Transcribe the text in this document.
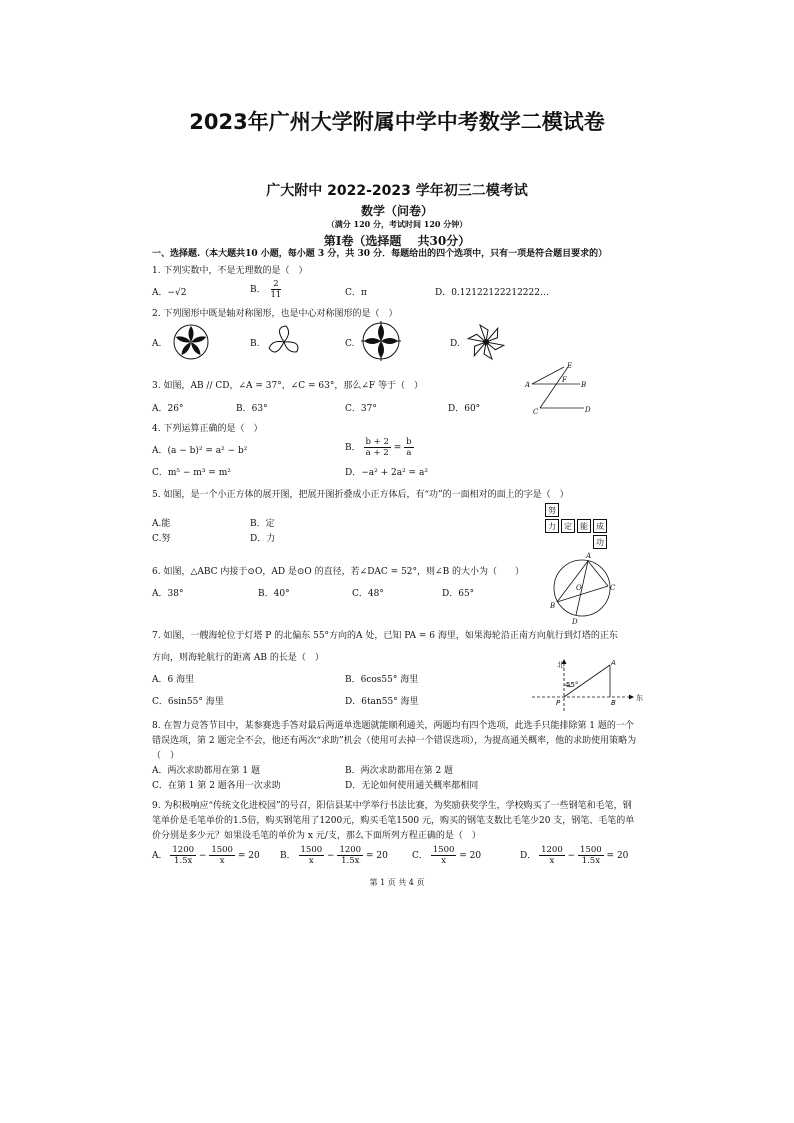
2023年广州大学附属中学中考数学二模试卷
广大附中 2022-2023 学年初三二模考试
数学（问卷）
（满分 120 分，考试时间 120 分钟）
第Ⅰ卷（选择题　 共30分）
一、选择题.（本大题共10 小题，每小题 3 分，共 30 分．每题给出的四个选项中，只有一项是符合题目要求的）
1. 下列实数中，不是无理数的是（　）
A．−√2	B． $\frac{2}{11}$	C．π	D．0.12122122212222…
2. 下列图形中既是轴对称图形，也是中心对称图形的是（　）
A.	B.	C.	D.
3. 如图，AB // CD，∠A = 37°，∠C = 63°，那么∠F 等于（　）
A．26°	B．63°	C．37°	D．60°
A	B
C	D
E
F
4. 下列运算正确的是（　）
A．(a − b)² = a² − b²	B． $\frac{b + 2}{a + 2} = \frac{b}{a}$
C．m⁵ − m³ = m²	D．−a² + 2a² = a²
5. 如图，是一个小正方体的展开图，把展开图折叠成小正方体后，有“功”的一面相对的面上的字是（　）
A.能	B．定
C.努	D．力
努
力	定	能	成
功
6. 如图，△ABC 内接于⊙O，AD 是⊙O 的直径，若∠DAC = 52°，则∠B 的大小为（　　）
A．38°	B．40°	C．48°	D．65°
A
B
C
D
O
7. 如图，一艘海轮位于灯塔 P 的北偏东 55°方向的A 处，已知 PA = 6 海里，如果海轮沿正南方向航行到灯塔的正东
方向，则海轮航行的距离 AB 的长是（　）
A．6 海里	B．6cos55° 海里
C．6sin55° 海里	D．6tan55° 海里
北
东
55°
A
B
P
8. 在智力竞答节目中，某参赛选手答对最后两道单选题就能顺利通关，两题均有四个选项，此选手只能排除第 1 题的一个错误选项，第 2 题完全不会，他还有两次“求助”机会（使用可去掉一个错误选项），为提高通关概率，他的求助使用策略为（　）
A．两次求助都用在第 1 题	B．两次求助都用在第 2 题
C．在第 1 第 2 题各用一次求助	D．无论如何使用通关概率都相同
9. 为积极响应“传统文化进校园”的号召，阳信县某中学举行书法比赛，为奖励获奖学生，学校购买了一些钢笔和毛笔，钢笔单价是毛笔单价的1.5倍，购买钢笔用了1200元，购买毛笔1500 元，购买的钢笔支数比毛笔少20 支，钢笔、毛笔的单价分别是多少元？如果设毛笔的单价为 x 元/支，那么下面所列方程正确的是（　）
A． $\frac{1200}{1.5x} - \frac{1500}{x} = 20$ B． $\frac{1500}{x} - \frac{1200}{1.5x} = 20$	C． $\frac{1500}{x} = 20$	D． $\frac{1200}{x} - \frac{1500}{1.5x} = 20$
第 1 页 共 4 页
